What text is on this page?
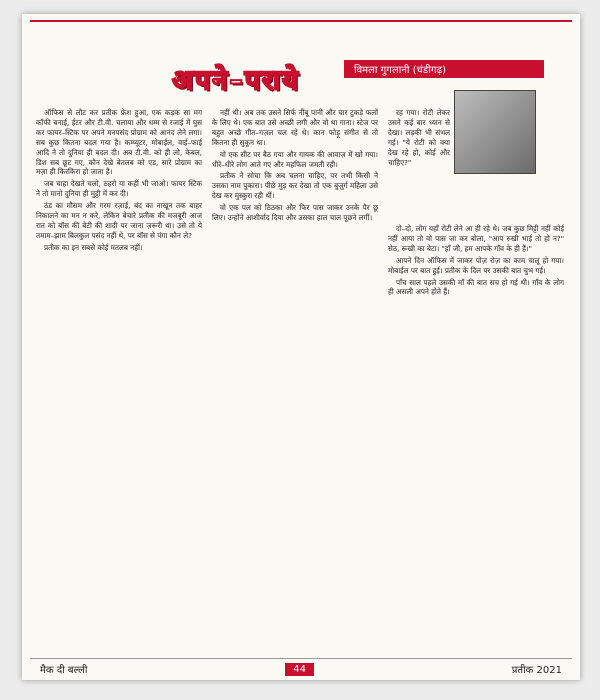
अपने–पराये	विमला गुगलानी (चंडीगढ़)

ऑफिस से लौट कर प्रतीक फ्रेश हुआ, एक कड़क सा मग कॉफी बनाई, ईटर और टी.वी. चलाया और धम्म से रजाई में घुस कर फायर–स्टिक पर अपने मनपसंद प्रोग्राम को आनंद लेने लगा। सब कुछ कितना बदल गया है। कम्प्यूटर, मोबाईल, वाई–फाई आदि ने तो दुनिया ही बदल दी। अब टी.वी. को ही लो, केबल, डिश सब छूट गए, कौन देखे बेतलब को एड, सारे प्रोग्राम का मज़ा ही किरकिरा हो जाता है।

जब चाहा देखते चलो, ठहरो या कहीं भी जाओ। फायर स्टिक ने तो मानो दुनिया ही मुट्ठी में कर दी।

ठंड का मौसम और गरम रज़ाई, बंद का नाखून तक बाहर निकालने का मन न करे, लेकिन बेचारे प्रतीक की मजबूरी आज रात को बॉस की बेटी की शादी पर जाना ज़रूरी था। उसे तो ये तमाम–झाम बिलकुल पसंद नहीं थे, पर बॉस से पंगा कौन ले?

प्रतीक का इन सबसे कोई मतलब नहीं।

नहीं थी। अब तक उसने सिर्फ नींबू पानी और चार टुकड़े फलों के लिए थे। एक बात उसे अच्छी लगी और वो था गाना। स्टेज पर बहुत अच्छे गीत–गज़ल चल रहे थे। कान फोड़ू संगीत से तो कितना ही सुकून था।

वो एक सीट पर बैठ गया और गायक की आवाज़ में खो गया। धीरे–धीरे लोग आते गए और महफिल जमती रही।

प्रतीक ने सोचा कि अब चलना चाहिए, पर तभी किसी ने उसका नाम पुकारा। पीछे मुड़ कर देखा तो एक बुज़ुर्ग महिला उसे देख कर मुस्कुरा रही थीं।

वो एक पल को ठिठका और फिर पास जाकर उनके पैर छू लिए। उन्होंने आशीर्वाद दिया और उसका हाल चाल पूछने लगीं।

रह गया। रोटी लेकर उसने कई बार ध्यान से देखा। लड़की भी संभल गई। "ये रोटी को क्या देख रहे हो, कोई और चाहिए?"

दो–दो, लोग यहाँ रोटी लेने आ ही रहे थे। जब कुछ मिट्टी नहीं कोई नहीं आया तो वो पास जा कर बोला, "आप रुखी भाई तो हो न?" सेठ, रूखी का बेटा। "हाँ जी, हम आपके गाँव के ही हैं।"

आपने दिन ऑफिस में जाकर पोज़ रोज़ का काम चालू हो गया। मोबाईल पर बात हुई। प्रतीक के दिल पर उसकी बात चुभ गई।

पाँच साल पहले उसकी माँ की बात सच हो गई थी। गाँव के लोग ही असली अपने होते हैं।

मैक दी बल्ली	44	प्रतीक 2021
